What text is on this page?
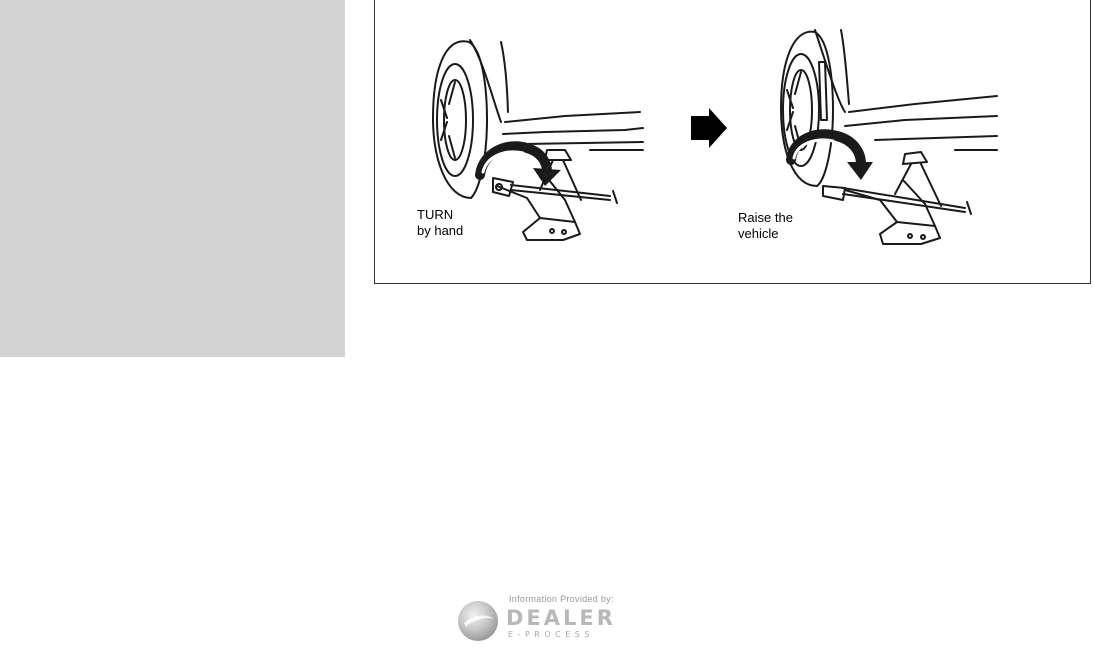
TURN
by hand
Raise the
vehicle
Information Provided by:
DEALER
E-PROCESS
